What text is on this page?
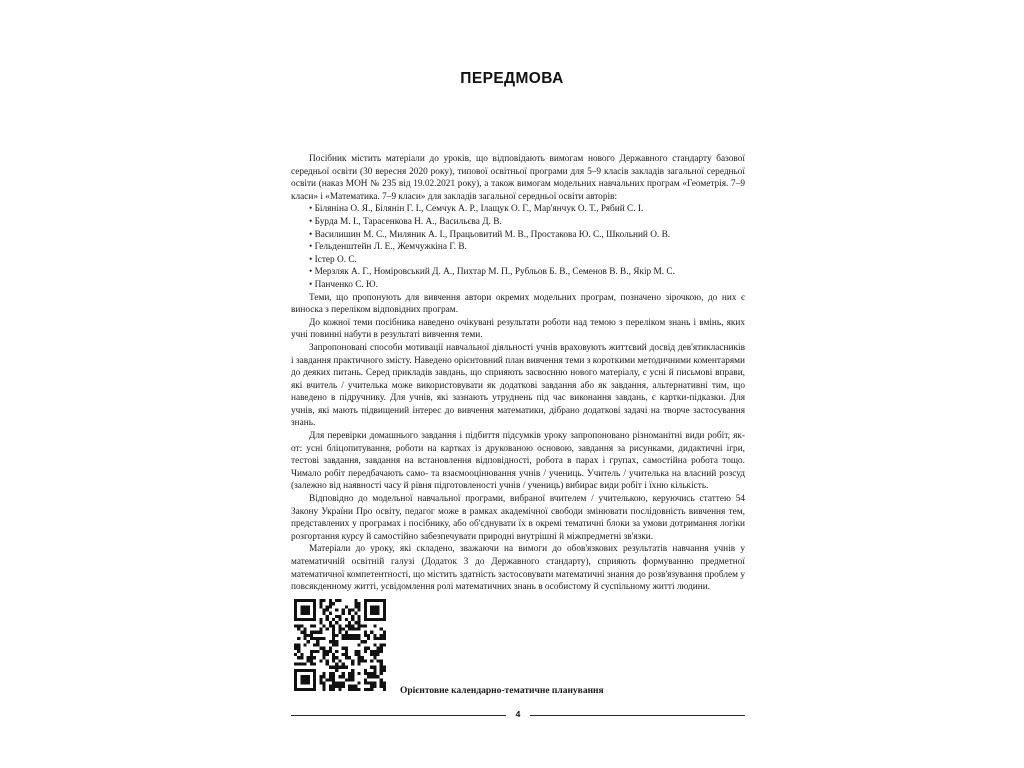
ПЕРЕДМОВА

Посібник містить матеріали до уроків, що відповідають вимогам нового Державного стандарту базової середньої освіти (30 вересня 2020 року), типової освітньої програми для 5–9 класів закладів загальної середньої освіти (наказ МОН № 235 від 19.02.2021 року), а також вимогам модельних навчальних програм «Геометрія. 7–9 класи» і «Математика. 7–9 класи» для закладів загальної середньої освіти авторів:

• Біляніна О. Я., Білянін Г. І., Семчук А. Р., Ілащук О. Г., Мар'янчук О. Т., Рябий С. І.
• Бурда М. І., Тарасенкова Н. А., Васильєва Д. В.
• Василишин М. С., Миляник А. І., Працьовитий М. В., Простакова Ю. С., Школьний О. В.
• Гельденштейн Л. Е., Жемчужкіна Г. В.
• Істер О. С.
• Мерзляк А. Г., Номіровський Д. А., Пихтар М. П., Рубльов Б. В., Семенов В. В., Якір М. С.
• Панченко С. Ю.

Теми, що пропонують для вивчення автори окремих модельних програм, позначено зірочкою, до них є виноска з переліком відповідних програм.

До кожної теми посібника наведено очікувані результати роботи над темою з переліком знань і вмінь, яких учні повинні набути в результаті вивчення теми.

Запропоновані способи мотивації навчальної діяльності учнів враховують життєвий досвід дев'ятикласників і завдання практичного змісту. Наведено орієнтовний план вивчення теми з короткими методичними коментарями до деяких питань. Серед прикладів завдань, що сприяють засвоєнню нового матеріалу, є усні й письмові вправи, які вчитель / учителька може використовувати як додаткові завдання або як завдання, альтернативні тим, що наведено в підручнику. Для учнів, які зазнають утруднень під час виконання завдань, є картки-підказки. Для учнів, які мають підвищений інтерес до вивчення математики, дібрано додаткові задачі на творче застосування знань.

Для перевірки домашнього завдання і підбиття підсумків уроку запропоновано різноманітні види робіт, як-от: усні бліцопитування, роботи на картках із друкованою основою, завдання за рисунками, дидактичні ігри, тестові завдання, завдання на встановлення відповідності, робота в парах і групах, самостійна робота тощо. Чимало робіт передбачають само- та взаємооцінювання учнів / учениць. Учитель / учителька на власний розсуд (залежно від наявності часу й рівня підготовленості учнів / учениць) вибирає види робіт і їхню кількість.

Відповідно до модельної навчальної програми, вибраної вчителем / учителькою, керуючись статтею 54 Закону України Про освіту, педагог може в рамках академічної свободи змінювати послідовність вивчення тем, представлених у програмах і посібнику, або об'єднувати їх в окремі тематичні блоки за умови дотримання логіки розгортання курсу й самостійно забезпечувати природні внутрішні й міжпредметні зв'язки.

Матеріали до уроку, які складено, зважаючи на вимоги до обов'язкових результатів навчання учнів у математичній освітній галузі (Додаток 3 до Державного стандарту), сприяють формуванню предметної математичної компетентності, що містить здатність застосовувати математичні знання до розв'язування проблем у повсякденному житті, усвідомлення ролі математичних знань в особистому й суспільному житті людини.

Орієнтовне календарно-тематичне планування
4
